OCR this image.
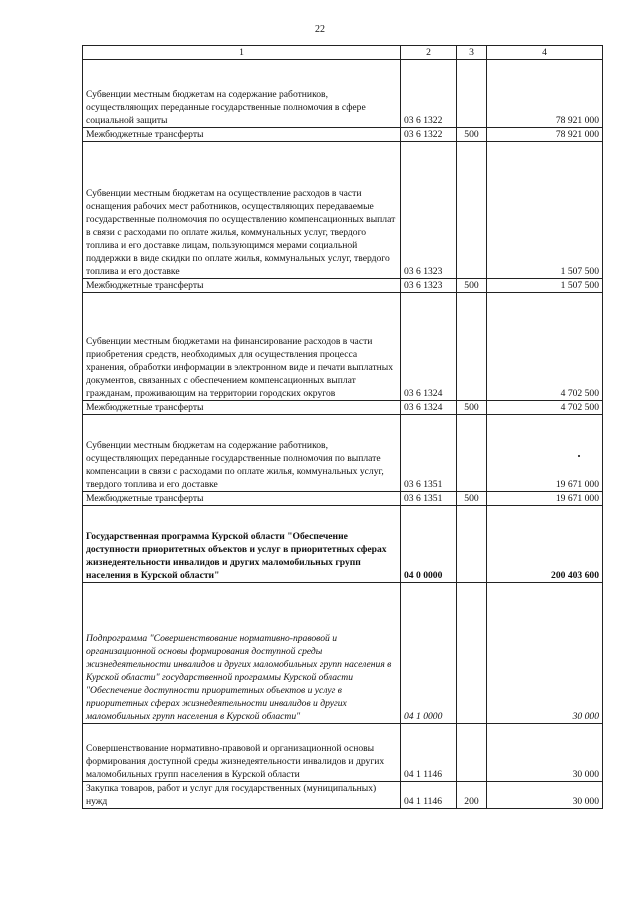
22
1	2	3	4
Субвенции местным бюджетам на содержание работников, осуществляющих переданные государственные полномочия в сфере социальной защиты	03 6 1322		78 921 000
Межбюджетные трансферты	03 6 1322	500	78 921 000
Субвенции местным бюджетам на осуществление расходов в части оснащения рабочих мест работников, осуществляющих передаваемые государственные полномочия по осуществлению компенсационных выплат в связи с расходами по оплате жилья, коммунальных услуг, твердого топлива и его доставке лицам, пользующимся мерами социальной поддержки в виде скидки по оплате жилья, коммунальных услуг, твердого топлива и его доставке	03 6 1323		1 507 500
Межбюджетные трансферты	03 6 1323	500	1 507 500
Субвенции местным бюджетами на финансирование расходов в части приобретения средств, необходимых для осуществления процесса хранения, обработки информации в электронном виде и печати выплатных документов, связанных с обеспечением компенсационных выплат гражданам, проживающим на территории городских округов	03 6 1324		4 702 500
Межбюджетные трансферты	03 6 1324	500	4 702 500
Субвенции местным бюджетам на содержание работников, осуществляющих переданные государственные полномочия по выплате компенсации в связи с расходами по оплате жилья, коммунальных услуг, твердого топлива и его доставке	03 6 1351		19 671 000
Межбюджетные трансферты	03 6 1351	500	19 671 000
Государственная программа Курской области "Обеспечение доступности приоритетных объектов и услуг в приоритетных сферах жизнедеятельности инвалидов и других маломобильных групп населения в Курской области"	04 0 0000		200 403 600
Подпрограмма "Совершенствование нормативно-правовой и организационной основы формирования доступной среды жизнедеятельности инвалидов и других маломобильных групп населения в Курской области" государственной программы Курской области "Обеспечение доступности приоритетных объектов и услуг в приоритетных сферах жизнедеятельности инвалидов и других маломобильных групп населения в Курской области"	04 1 0000		30 000
Совершенствование нормативно-правовой и организационной основы формирования доступной среды жизнедеятельности инвалидов и других маломобильных групп населения в Курской области	04 1 1146		30 000
Закупка товаров, работ и услуг для государственных (муниципальных) нужд	04 1 1146	200	30 000
